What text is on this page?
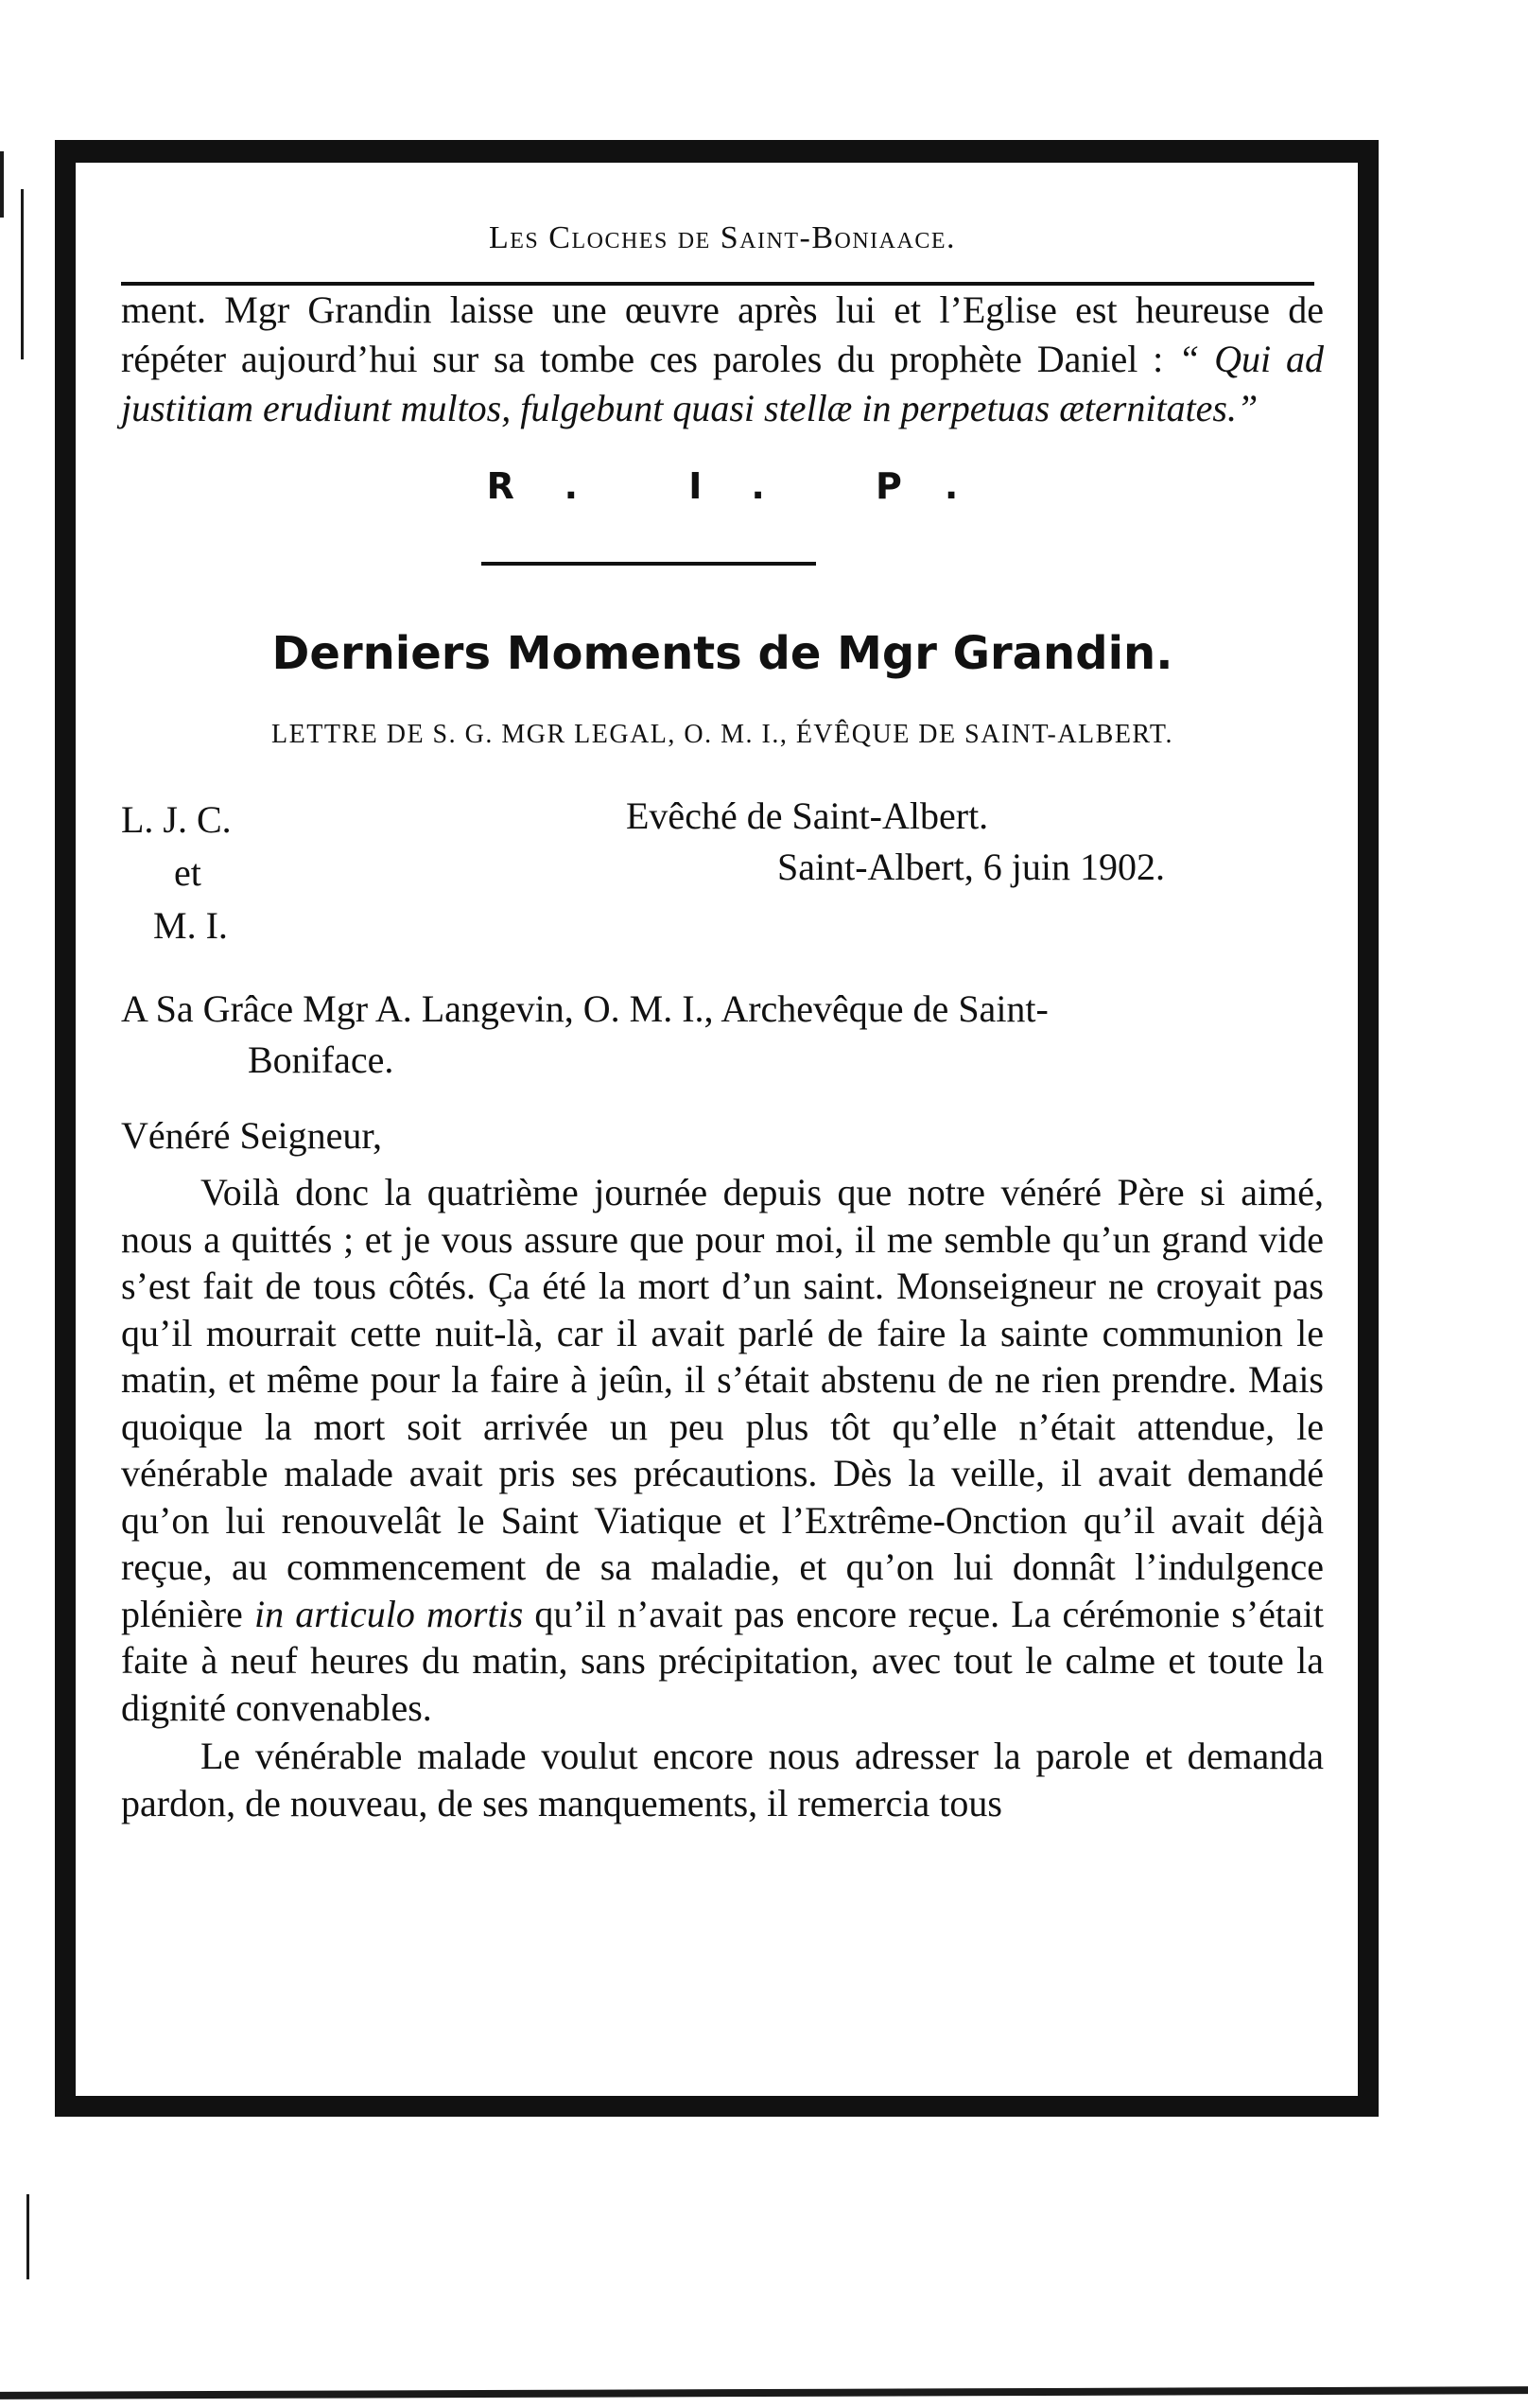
Les Cloches de Saint-Boniaace.

ment. Mgr Grandin laisse une œuvre après lui et l’Eglise est heureuse de répéter aujourd’hui sur sa tombe ces paroles du prophète Daniel : “ Qui ad justitiam erudiunt multos, fulgebunt quasi stellæ in perpetuas æternitates.”

R. I. P.
Derniers Moments de Mgr Grandin.
LETTRE DE S. G. MGR LEGAL, O. M. I., ÉVÊQUE DE SAINT-ALBERT.
L. J. C.
et
M. I.
Evêché de Saint-Albert.
Saint-Albert, 6 juin 1902.
A Sa Grâce Mgr A. Langevin, O. M. I., Archevêque de Saint-
Boniface.
Vénéré Seigneur,

Voilà donc la quatrième journée depuis que notre vénéré Père si aimé, nous a quittés ; et je vous assure que pour moi, il me semble qu’un grand vide s’est fait de tous côtés. Ça été la mort d’un saint. Monseigneur ne croyait pas qu’il mourrait cette nuit-là, car il avait parlé de faire la sainte communion le matin, et même pour la faire à jeûn, il s’était abstenu de ne rien prendre. Mais quoique la mort soit arrivée un peu plus tôt qu’elle n’était attendue, le vénérable malade avait pris ses précautions. Dès la veille, il avait demandé qu’on lui renouvelât le Saint Viatique et l’Extrême-Onction qu’il avait déjà reçue, au commencement de sa maladie, et qu’on lui donnât l’indulgence plénière in articulo mortis qu’il n’avait pas encore reçue. La cérémonie s’était faite à neuf heures du matin, sans précipitation, avec tout le calme et toute la dignité convenables.

Le vénérable malade voulut encore nous adresser la parole et demanda pardon, de nouveau, de ses manquements, il remercia tous
